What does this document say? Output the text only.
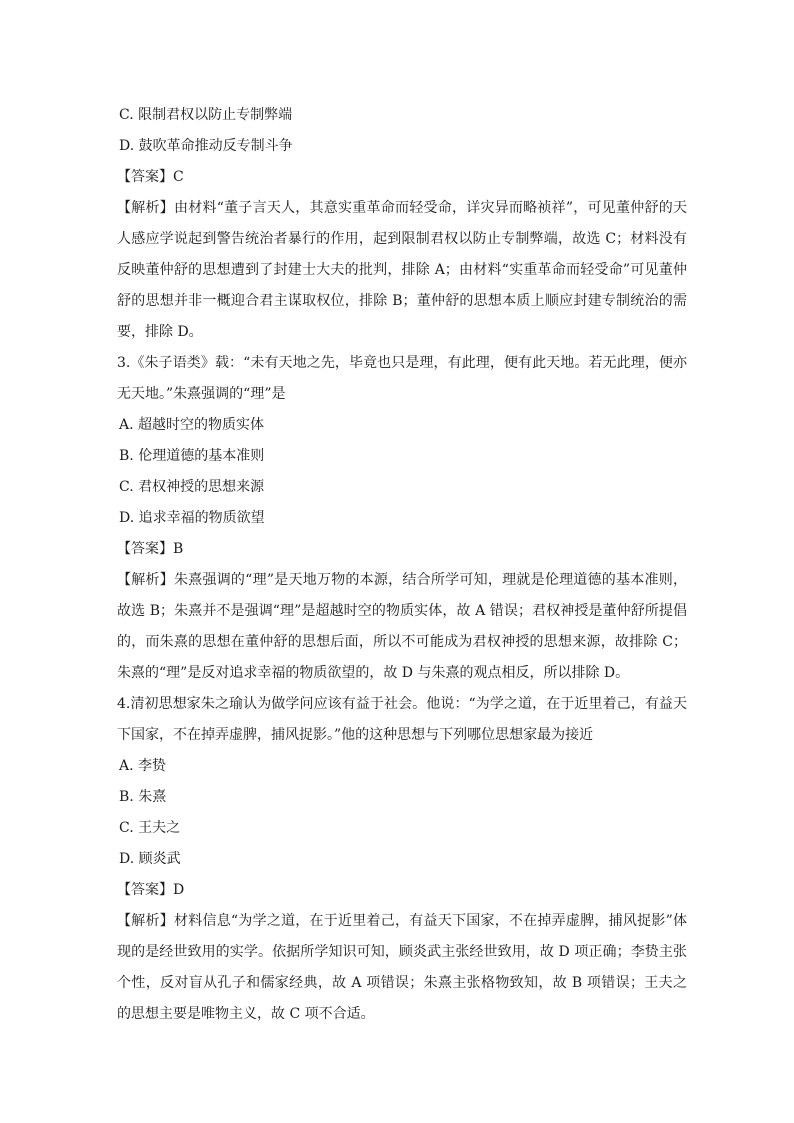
C. 限制君权以防止专制弊端
D. 鼓吹革命推动反专制斗争
【答案】C
【解析】由材料“董子言天人，其意实重革命而轻受命，详灾异而略祯祥”，可见董仲舒的天人感应学说起到警告统治者暴行的作用，起到限制君权以防止专制弊端，故选 C；材料没有反映董仲舒的思想遭到了封建士大夫的批判，排除 A；由材料“实重革命而轻受命”可见董仲舒的思想并非一概迎合君主谋取权位，排除 B；董仲舒的思想本质上顺应封建专制统治的需要，排除 D。
3.《朱子语类》载：“未有天地之先，毕竟也只是理，有此理，便有此天地。若无此理，便亦无天地。”朱熹强调的“理”是
A. 超越时空的物质实体
B. 伦理道德的基本准则
C. 君权神授的思想来源
D. 追求幸福的物质欲望
【答案】B
【解析】朱熹强调的“理”是天地万物的本源，结合所学可知，理就是伦理道德的基本准则，故选 B；朱熹并不是强调“理”是超越时空的物质实体，故 A 错误；君权神授是董仲舒所提倡的，而朱熹的思想在董仲舒的思想后面，所以不可能成为君权神授的思想来源，故排除 C；朱熹的“理”是反对追求幸福的物质欲望的，故 D 与朱熹的观点相反，所以排除 D。
4.清初思想家朱之瑜认为做学问应该有益于社会。他说：“为学之道，在于近里着己，有益天下国家，不在掉弄虚脾，捕风捉影。”他的这种思想与下列哪位思想家最为接近
A. 李贽
B. 朱熹
C. 王夫之
D. 顾炎武
【答案】D
【解析】材料信息“为学之道，在于近里着己，有益天下国家，不在掉弄虚脾，捕风捉影”体现的是经世致用的实学。依据所学知识可知，顾炎武主张经世致用，故 D 项正确；李贽主张个性，反对盲从孔子和儒家经典，故 A 项错误；朱熹主张格物致知，故 B 项错误；王夫之的思想主要是唯物主义，故 C 项不合适。
